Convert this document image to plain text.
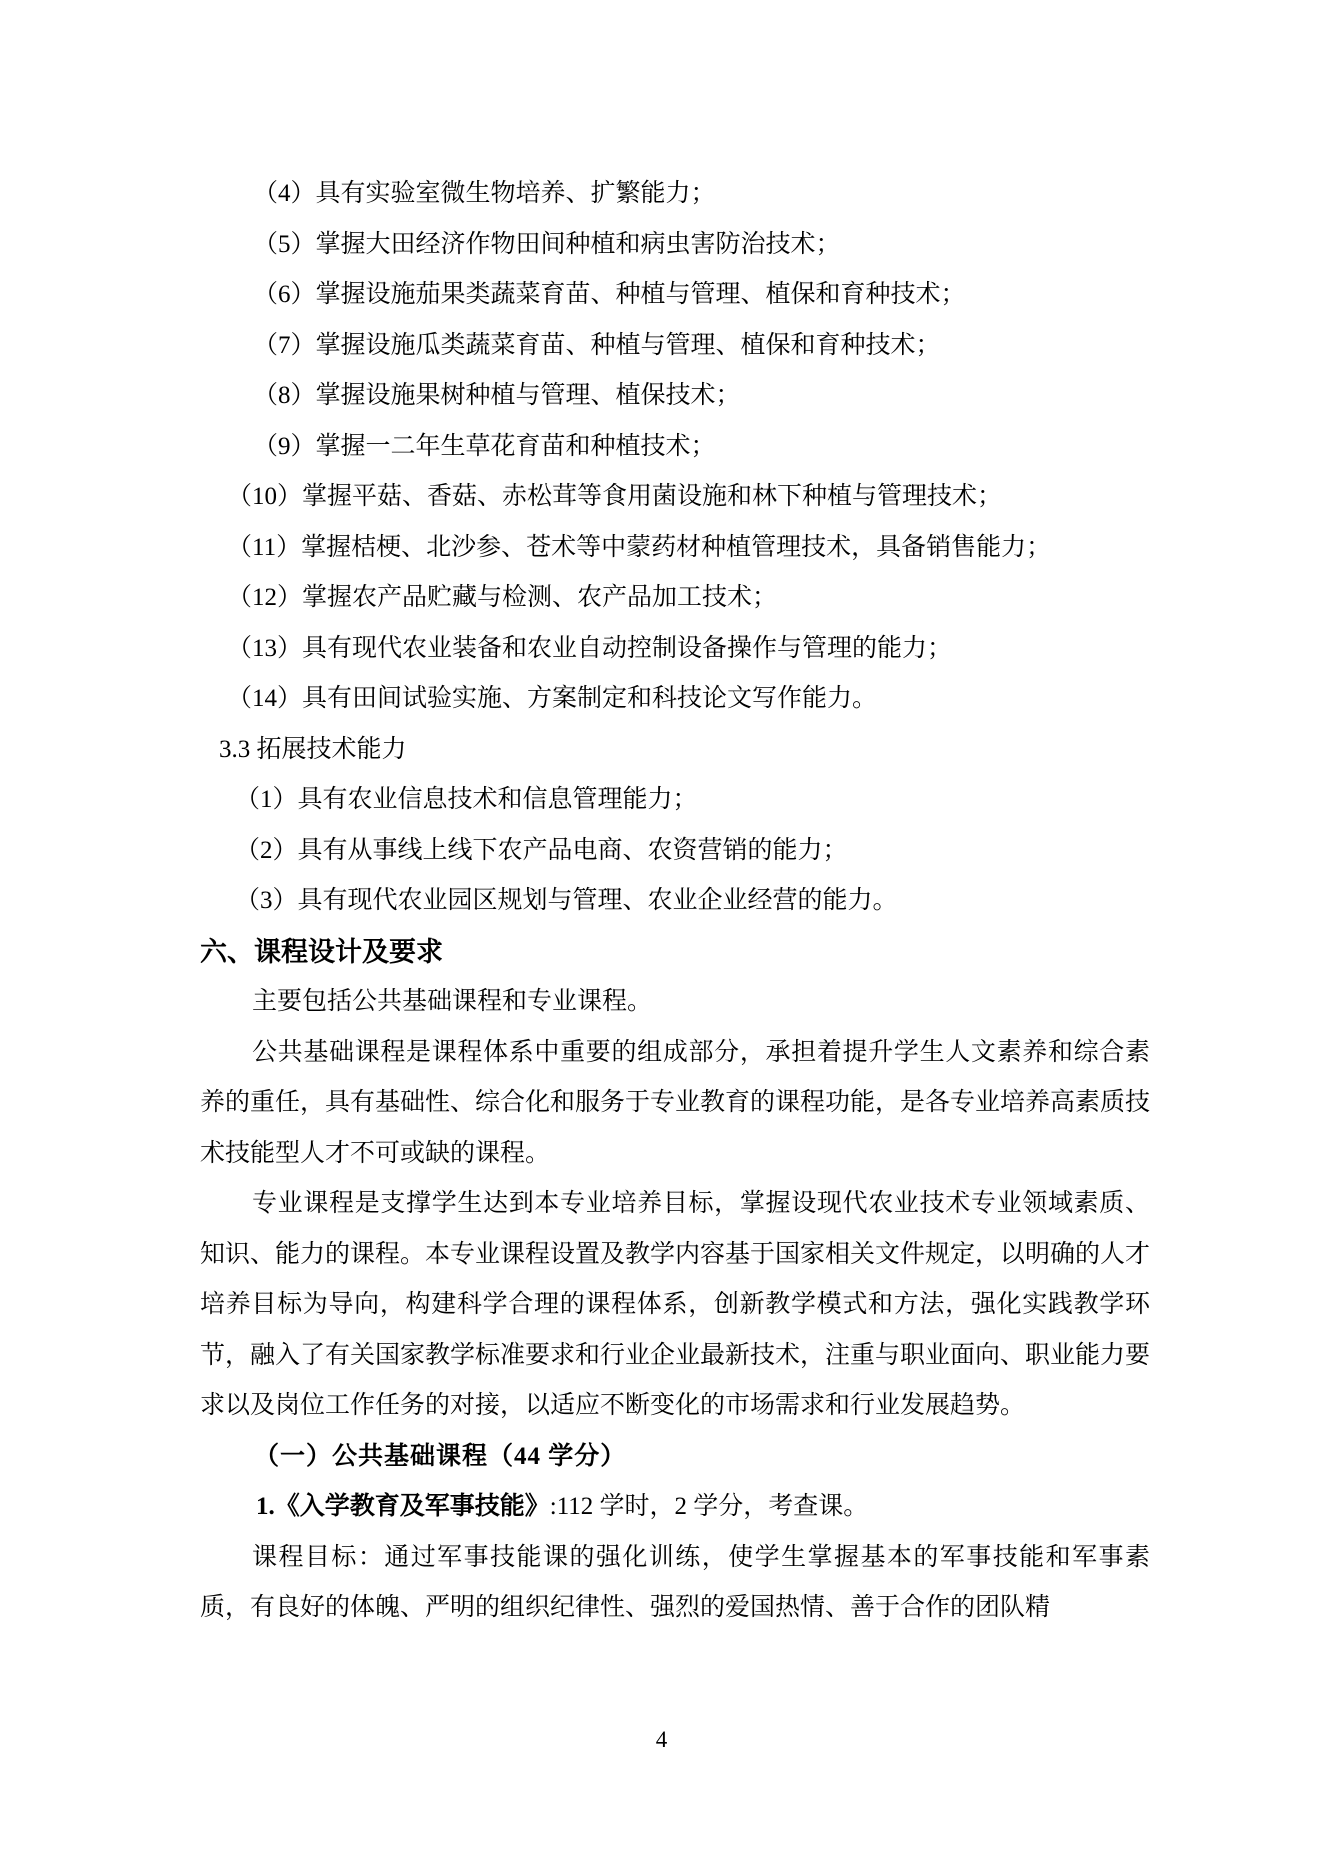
（4）具有实验室微生物培养、扩繁能力；
（5）掌握大田经济作物田间种植和病虫害防治技术；
（6）掌握设施茄果类蔬菜育苗、种植与管理、植保和育种技术；
（7）掌握设施瓜类蔬菜育苗、种植与管理、植保和育种技术；
（8）掌握设施果树种植与管理、植保技术；
（9）掌握一二年生草花育苗和种植技术；
（10）掌握平菇、香菇、赤松茸等食用菌设施和林下种植与管理技术；
（11）掌握桔梗、北沙参、苍术等中蒙药材种植管理技术，具备销售能力；
（12）掌握农产品贮藏与检测、农产品加工技术；
（13）具有现代农业装备和农业自动控制设备操作与管理的能力；
（14）具有田间试验实施、方案制定和科技论文写作能力。
3.3 拓展技术能力
（1）具有农业信息技术和信息管理能力；
（2）具有从事线上线下农产品电商、农资营销的能力；
（3）具有现代农业园区规划与管理、农业企业经营的能力。
六、课程设计及要求

主要包括公共基础课程和专业课程。

公共基础课程是课程体系中重要的组成部分，承担着提升学生人文素养和综合素养的重任，具有基础性、综合化和服务于专业教育的课程功能，是各专业培养高素质技术技能型人才不可或缺的课程。

专业课程是支撑学生达到本专业培养目标，掌握设现代农业技术专业领域素质、知识、能力的课程。本专业课程设置及教学内容基于国家相关文件规定，以明确的人才培养目标为导向，构建科学合理的课程体系，创新教学模式和方法，强化实践教学环节，融入了有关国家教学标准要求和行业企业最新技术，注重与职业面向、职业能力要求以及岗位工作任务的对接，以适应不断变化的市场需求和行业发展趋势。

（一）公共基础课程（44 学分）

1.《入学教育及军事技能》:112 学时，2 学分，考查课。

课程目标：通过军事技能课的强化训练，使学生掌握基本的军事技能和军事素质，有良好的体魄、严明的组织纪律性、强烈的爱国热情、善于合作的团队精

4
